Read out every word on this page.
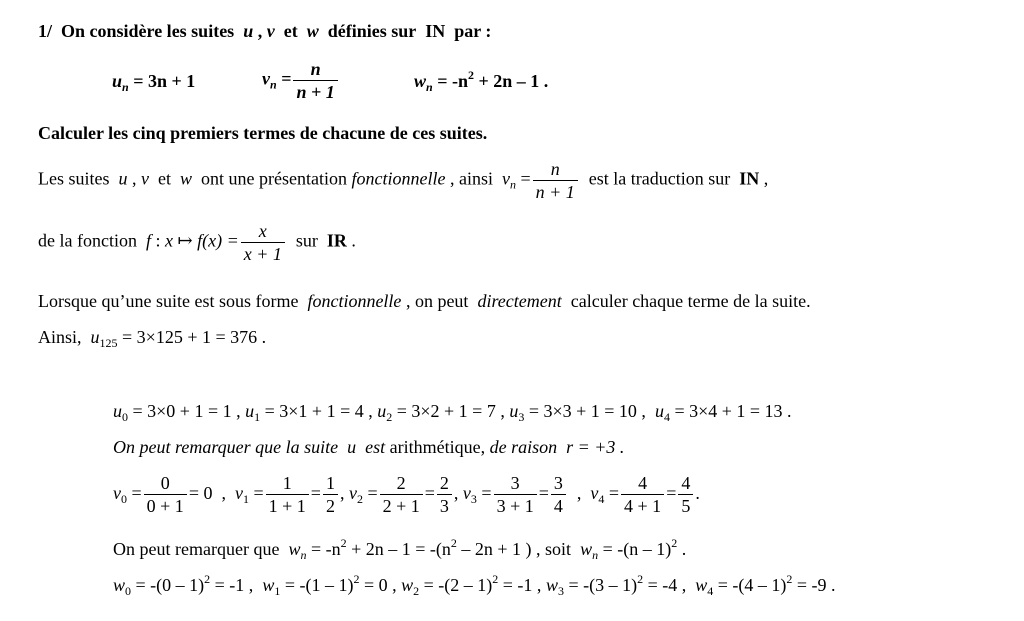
1/ On considère les suites u , v et w définies sur IN par :
$u_n = 3n + 1$	$v_n = \frac{n}{n + 1}$	$w_n = -n^2 + 2n - 1$ .
Calculer les cinq premiers termes de chacune de ces suites.
Les suites u , v et w ont une présentation fonctionnelle , ainsi $v_n = \frac{n}{n + 1}$ est la traduction sur IN ,
de la fonction f : x ↦ $f(x) = \frac{x}{x + 1}$ sur IR .
Lorsque qu’une suite est sous forme fonctionnelle , on peut directement calculer chaque terme de la suite.
Ainsi, $u_{125} = 3\times 125 + 1 = 376$ .
$u_0 = 3\times 0 + 1 = 1$ , $u_1 = 3\times 1 + 1 = 4$ , $u_2 = 3\times 2 + 1 = 7$ , $u_3 = 3\times 3 + 1 = 10$ , $u_4 = 3\times 4 + 1 = 13$ .
On peut remarquer que la suite u est arithmétique, de raison r = +3 .
$v_0 = \frac{0}{0 + 1} = 0$ , $v_1 = \frac{1}{1 + 1} = \frac{1}{2}$ , $v_2 = \frac{2}{2 + 1} = \frac{2}{3}$ , $v_3 = \frac{3}{3 + 1} = \frac{3}{4}$ , $v_4 = \frac{4}{4 + 1} = \frac{4}{5}$ .
On peut remarquer que $w_n = -n^2 + 2n - 1 = -(n^2 - 2n + 1$ ) , soit $w_n = -(n - 1)^2$ .
$w_0 = -(0 - 1)^2 = -1$ , $w_1 = -(1 - 1)^2 = 0$ , $w_2 = -(2 - 1)^2 = -1$ , $w_3 = -(3 - 1)^2 = -4$ , $w_4 = -(4 - 1)^2 = -9$ .
